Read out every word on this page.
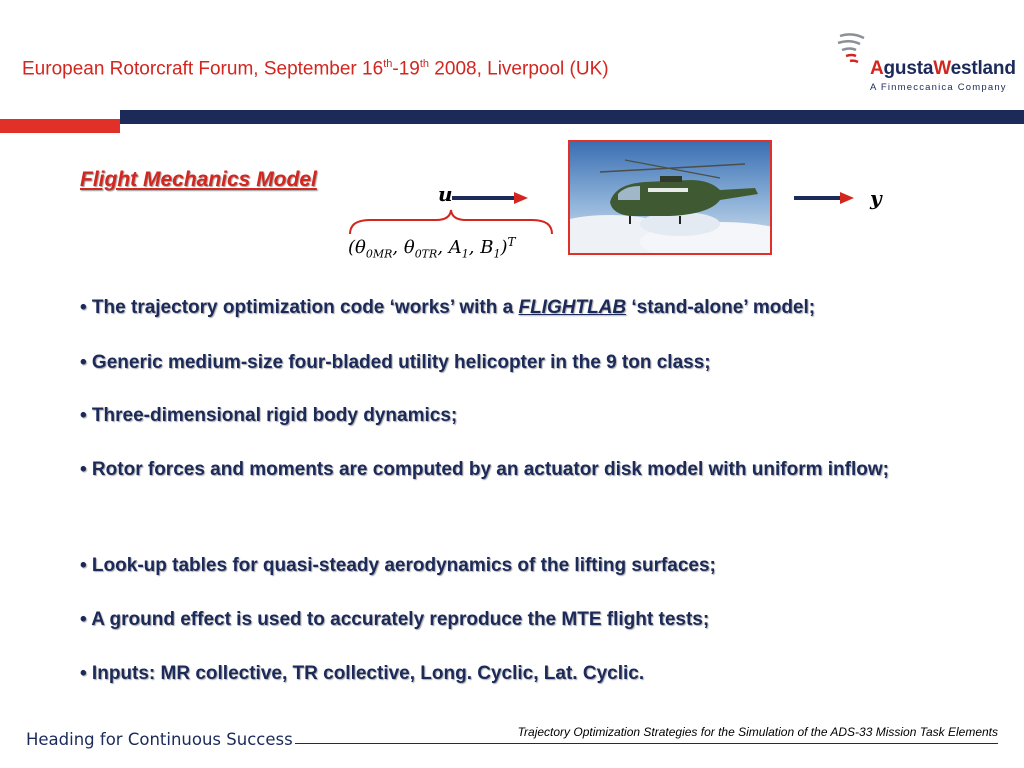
European Rotorcraft Forum, September 16th-19th 2008, Liverpool (UK)	AgustaWestland
A Finmeccanica Company
Flight Mechanics Model
u
($\theta_{0MR}$, $\theta_{0TR}$, $A_1$, $B_1)^T$
y

• The trajectory optimization code ‘works’ with a FLIGHTLAB ‘stand-alone’ model;

• Generic medium-size four-bladed utility helicopter in the 9 ton class;

• Three-dimensional rigid body dynamics;

• Rotor forces and moments are computed by an actuator disk model with uniform inflow;

• Look-up tables for quasi-steady aerodynamics of the lifting surfaces;

• A ground effect is used to accurately reproduce the MTE flight tests;

• Inputs: MR collective, TR collective, Long. Cyclic, Lat. Cyclic.

Heading for Continuous Success	Trajectory Optimization Strategies for the Simulation of the ADS-33 Mission Task Elements
